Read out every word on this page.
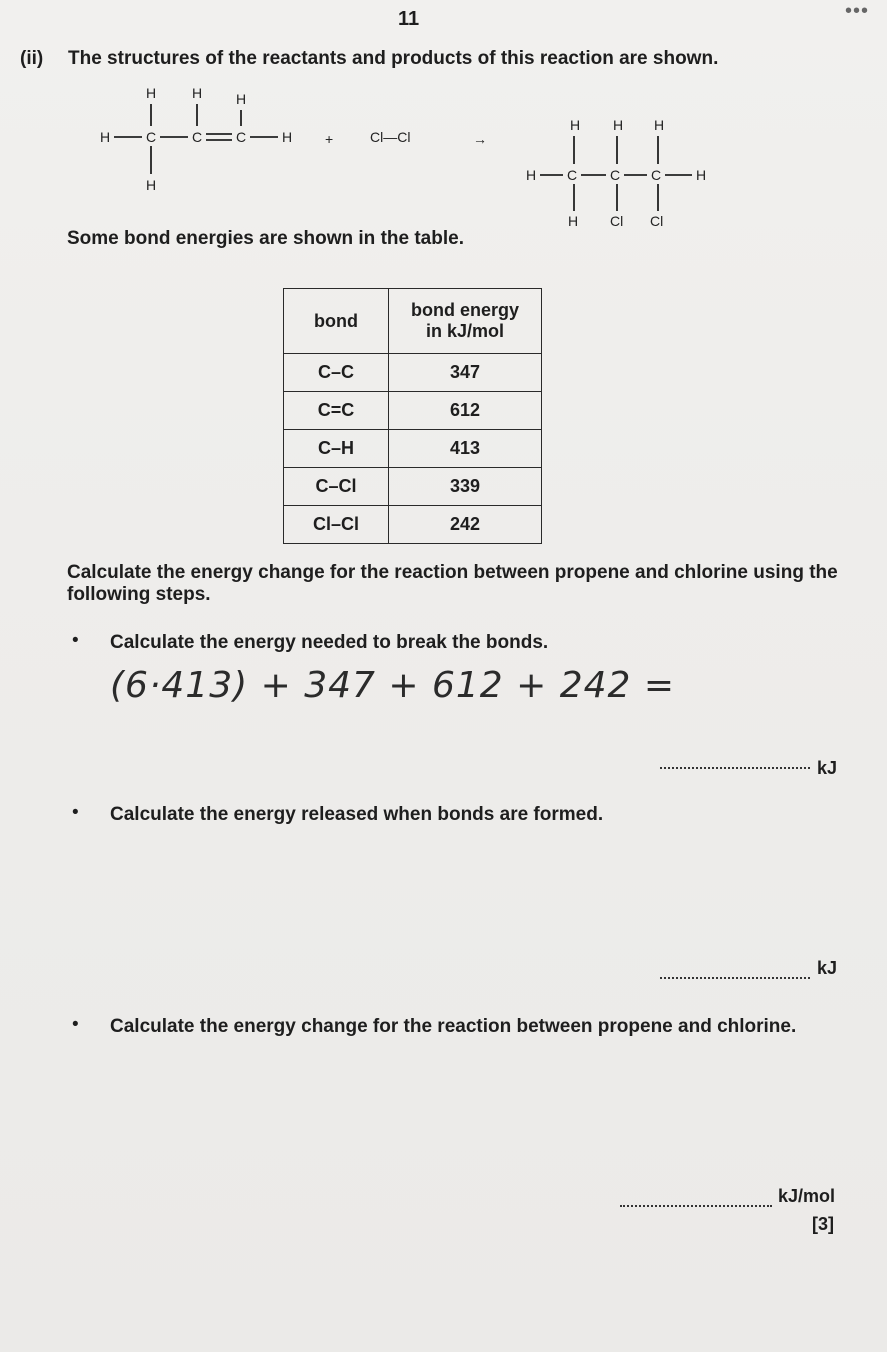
•••
11
(ii) The structures of the reactants and products of this reaction are shown.
H	H H
H	C	C C	H
H
+	Cl—Cl	→
H H H
H C C C H
H Cl Cl
Some bond energies are shown in the table.
bond	bond energy
in kJ/mol
C–C	347
C=C	612
C–H	413
C–Cl	339
Cl–Cl	242
Calculate the energy change for the reaction between propene and chlorine using the following steps.
• Calculate the energy needed to break the bonds.
(6·413) + 347 + 612 + 242 =
kJ
• Calculate the energy released when bonds are formed.
kJ
• Calculate the energy change for the reaction between propene and chlorine.
kJ/mol
[3]
